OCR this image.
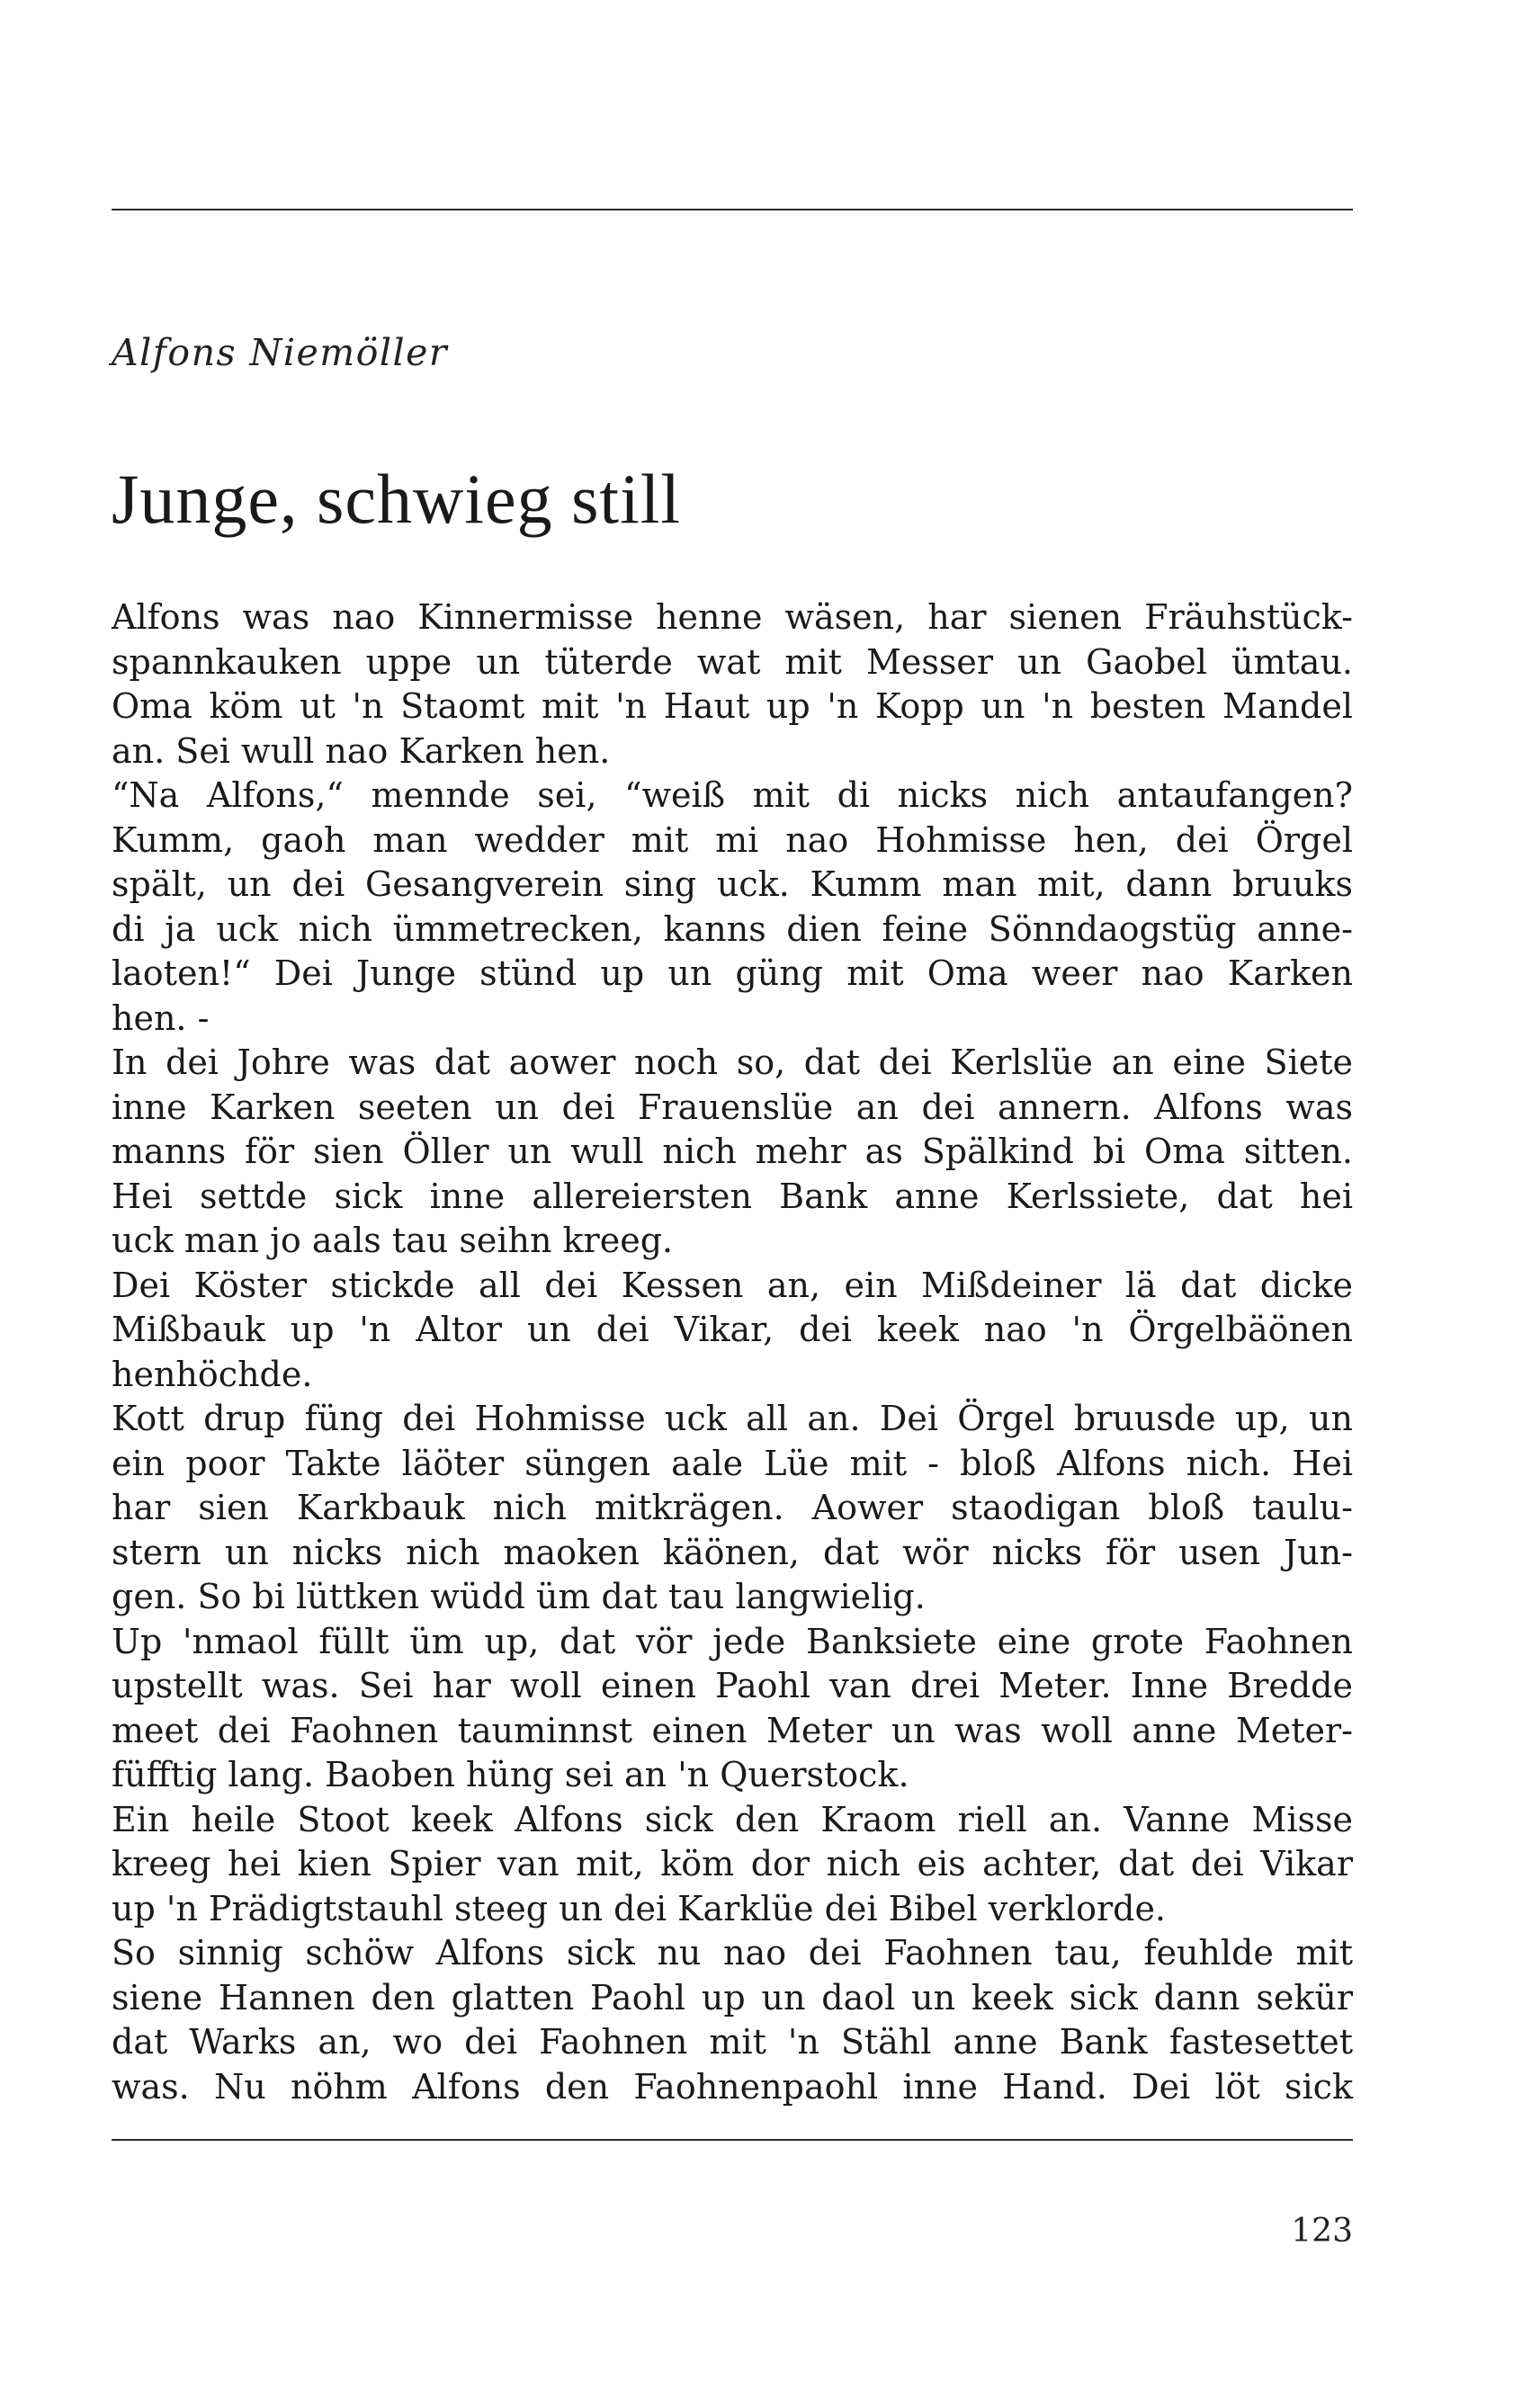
Alfons Niemöller
Junge, schwieg still
Alfons was nao Kinnermisse henne wäsen, har sienen Fräuhstück-
spannkauken uppe un tüterde wat mit Messer un Gaobel ümtau.
Oma köm ut 'n Staomt mit 'n Haut up 'n Kopp un 'n besten Mandel
an. Sei wull nao Karken hen.
“Na Alfons,“ mennde sei, “weiß mit di nicks nich antaufangen?
Kumm, gaoh man wedder mit mi nao Hohmisse hen, dei Örgel
spält, un dei Gesangverein sing uck. Kumm man mit, dann bruuks
di ja uck nich ümmetrecken, kanns dien feine Sönndaogstüg anne-
laoten!“ Dei Junge stünd up un güng mit Oma weer nao Karken
hen. -
In dei Johre was dat aower noch so, dat dei Kerlslüe an eine Siete
inne Karken seeten un dei Frauenslüe an dei annern. Alfons was
manns för sien Öller un wull nich mehr as Spälkind bi Oma sitten.
Hei settde sick inne allereiersten Bank anne Kerlssiete, dat hei
uck man jo aals tau seihn kreeg.
Dei Köster stickde all dei Kessen an, ein Mißdeiner lä dat dicke
Mißbauk up 'n Altor un dei Vikar, dei keek nao 'n Örgelbäönen
henhöchde.
Kott drup füng dei Hohmisse uck all an. Dei Örgel bruusde up, un
ein poor Takte läöter süngen aale Lüe mit - bloß Alfons nich. Hei
har sien Karkbauk nich mitkrägen. Aower staodigan bloß taulu-
stern un nicks nich maoken käönen, dat wör nicks för usen Jun-
gen. So bi lüttken wüdd üm dat tau langwielig.
Up 'nmaol füllt üm up, dat vör jede Banksiete eine grote Faohnen
upstellt was. Sei har woll einen Paohl van drei Meter. Inne Bredde
meet dei Faohnen tauminnst einen Meter un was woll anne Meter-
füfftig lang. Baoben hüng sei an 'n Querstock.
Ein heile Stoot keek Alfons sick den Kraom riell an. Vanne Misse
kreeg hei kien Spier van mit, köm dor nich eis achter, dat dei Vikar
up 'n Prädigtstauhl steeg un dei Karklüe dei Bibel verklorde.
So sinnig schöw Alfons sick nu nao dei Faohnen tau, feuhlde mit
siene Hannen den glatten Paohl up un daol un keek sick dann sekür
dat Warks an, wo dei Faohnen mit 'n Stähl anne Bank fastesettet
was. Nu nöhm Alfons den Faohnenpaohl inne Hand. Dei löt sick
123
